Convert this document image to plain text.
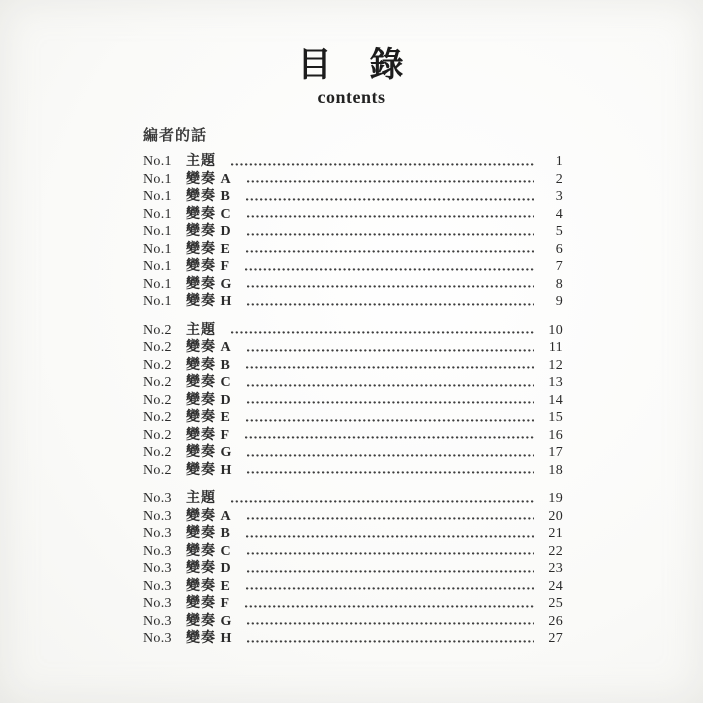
目　錄
contents
編者的話
No.1	主題	1
No.1	變奏 A	2
No.1	變奏 B	3
No.1	變奏 C	4
No.1	變奏 D	5
No.1	變奏 E	6
No.1	變奏 F	7
No.1	變奏 G	8
No.1	變奏 H	9
No.2	主題	10
No.2	變奏 A	11
No.2	變奏 B	12
No.2	變奏 C	13
No.2	變奏 D	14
No.2	變奏 E	15
No.2	變奏 F	16
No.2	變奏 G	17
No.2	變奏 H	18
No.3	主題	19
No.3	變奏 A	20
No.3	變奏 B	21
No.3	變奏 C	22
No.3	變奏 D	23
No.3	變奏 E	24
No.3	變奏 F	25
No.3	變奏 G	26
No.3	變奏 H	27
